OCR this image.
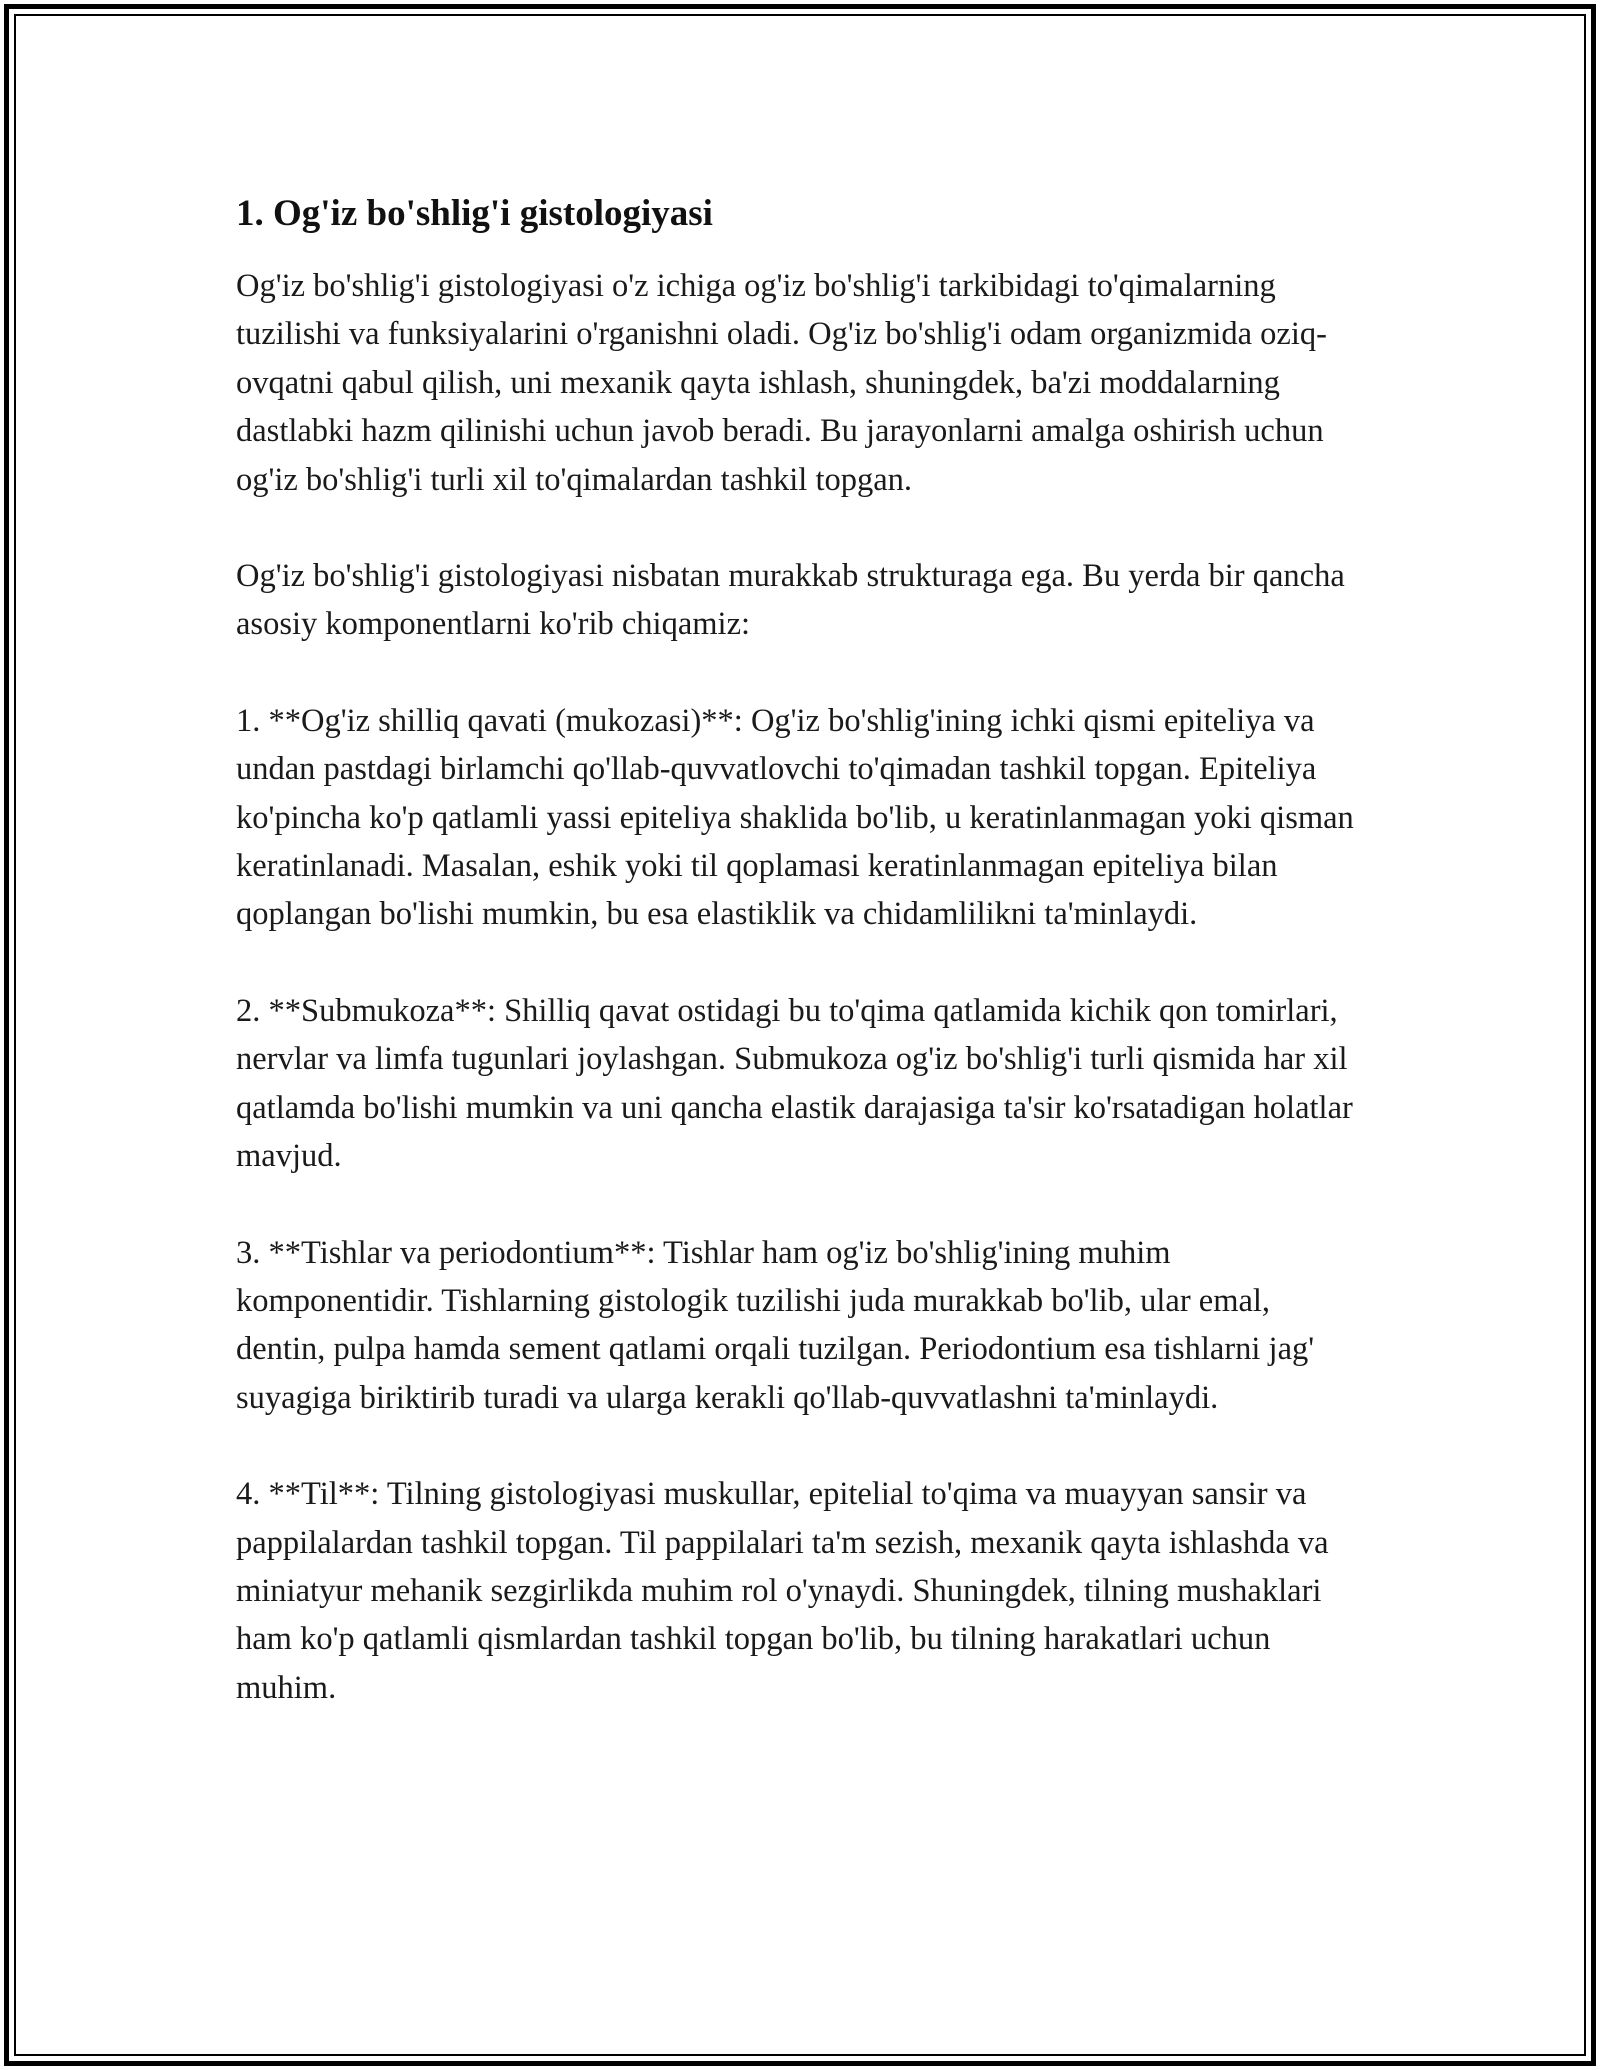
1. Og'iz bo'shlig'i gistologiyasi

Og'iz bo'shlig'i gistologiyasi o'z ichiga og'iz bo'shlig'i tarkibidagi to'qimalarning tuzilishi va funksiyalarini o'rganishni oladi. Og'iz bo'shlig'i odam organizmida oziq-ovqatni qabul qilish, uni mexanik qayta ishlash, shuningdek, ba'zi moddalarning dastlabki hazm qilinishi uchun javob beradi. Bu jarayonlarni amalga oshirish uchun og'iz bo'shlig'i turli xil to'qimalardan tashkil topgan.

Og'iz bo'shlig'i gistologiyasi nisbatan murakkab strukturaga ega. Bu yerda bir qancha asosiy komponentlarni ko'rib chiqamiz:

1. **Og'iz shilliq qavati (mukozasi)**: Og'iz bo'shlig'ining ichki qismi epiteliya va undan pastdagi birlamchi qo'llab-quvvatlovchi to'qimadan tashkil topgan. Epiteliya ko'pincha ko'p qatlamli yassi epiteliya shaklida bo'lib, u keratinlanmagan yoki qisman keratinlanadi. Masalan, eshik yoki til qoplamasi keratinlanmagan epiteliya bilan qoplangan bo'lishi mumkin, bu esa elastiklik va chidamlilikni ta'minlaydi.

2. **Submukoza**: Shilliq qavat ostidagi bu to'qima qatlamida kichik qon tomirlari, nervlar va limfa tugunlari joylashgan. Submukoza og'iz bo'shlig'i turli qismida har xil qatlamda bo'lishi mumkin va uni qancha elastik darajasiga ta'sir ko'rsatadigan holatlar mavjud.

3. **Tishlar va periodontium**: Tishlar ham og'iz bo'shlig'ining muhim komponentidir. Tishlarning gistologik tuzilishi juda murakkab bo'lib, ular emal, dentin, pulpa hamda sement qatlami orqali tuzilgan. Periodontium esa tishlarni jag' suyagiga biriktirib turadi va ularga kerakli qo'llab-quvvatlashni ta'minlaydi.

4. **Til**: Tilning gistologiyasi muskullar, epitelial to'qima va muayyan sansir va pappilalardan tashkil topgan. Til pappilalari ta'm sezish, mexanik qayta ishlashda va miniatyur mehanik sezgirlikda muhim rol o'ynaydi. Shuningdek, tilning mushaklari ham ko'p qatlamli qismlardan tashkil topgan bo'lib, bu tilning harakatlari uchun muhim.
